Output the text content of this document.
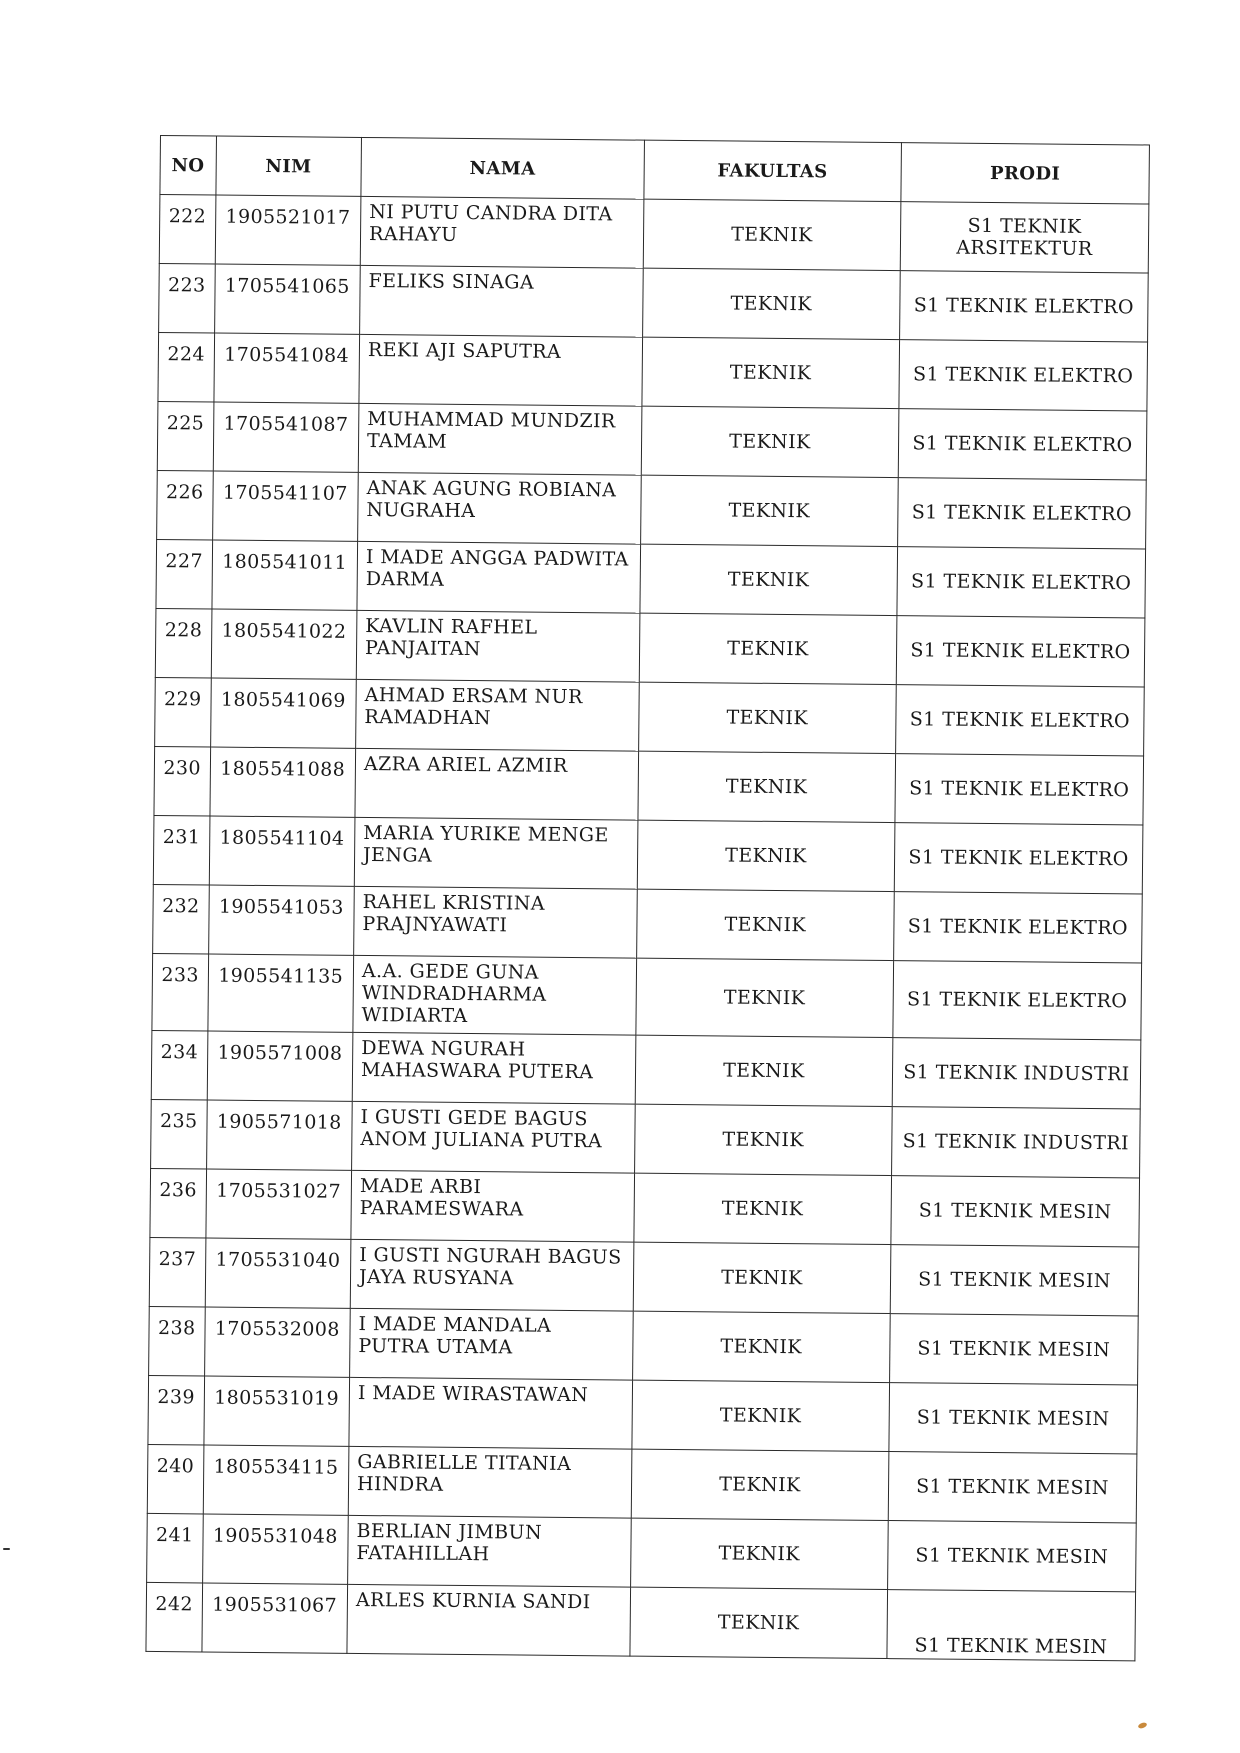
NO	NIM	NAMA	FAKULTAS	PRODI
222	1905521017	NI PUTU CANDRA DITA RAHAYU	TEKNIK	S1 TEKNIK ARSITEKTUR
223	1705541065	FELIKS SINAGA	TEKNIK	S1 TEKNIK ELEKTRO
224	1705541084	REKI AJI SAPUTRA	TEKNIK	S1 TEKNIK ELEKTRO
225	1705541087	MUHAMMAD MUNDZIR TAMAM	TEKNIK	S1 TEKNIK ELEKTRO
226	1705541107	ANAK AGUNG ROBIANA NUGRAHA	TEKNIK	S1 TEKNIK ELEKTRO
227	1805541011	I MADE ANGGA PADWITA DARMA	TEKNIK	S1 TEKNIK ELEKTRO
228	1805541022	KAVLIN RAFHEL PANJAITAN	TEKNIK	S1 TEKNIK ELEKTRO
229	1805541069	AHMAD ERSAM NUR RAMADHAN	TEKNIK	S1 TEKNIK ELEKTRO
230	1805541088	AZRA ARIEL AZMIR	TEKNIK	S1 TEKNIK ELEKTRO
231	1805541104	MARIA YURIKE MENGE JENGA	TEKNIK	S1 TEKNIK ELEKTRO
232	1905541053	RAHEL KRISTINA PRAJNYAWATI	TEKNIK	S1 TEKNIK ELEKTRO
233	1905541135	A.A. GEDE GUNA WINDRADHARMA WIDIARTA	TEKNIK	S1 TEKNIK ELEKTRO
234	1905571008	DEWA NGURAH MAHASWARA PUTERA	TEKNIK	S1 TEKNIK INDUSTRI
235	1905571018	I GUSTI GEDE BAGUS ANOM JULIANA PUTRA	TEKNIK	S1 TEKNIK INDUSTRI
236	1705531027	MADE ARBI PARAMESWARA	TEKNIK	S1 TEKNIK MESIN
237	1705531040	I GUSTI NGURAH BAGUS JAYA RUSYANA	TEKNIK	S1 TEKNIK MESIN
238	1705532008	I MADE MANDALA PUTRA UTAMA	TEKNIK	S1 TEKNIK MESIN
239	1805531019	I MADE WIRASTAWAN	TEKNIK	S1 TEKNIK MESIN
240	1805534115	GABRIELLE TITANIA HINDRA	TEKNIK	S1 TEKNIK MESIN
241	1905531048	BERLIAN JIMBUN FATAHILLAH	TEKNIK	S1 TEKNIK MESIN
242	1905531067	ARLES KURNIA SANDI	TEKNIK	S1 TEKNIK MESIN
